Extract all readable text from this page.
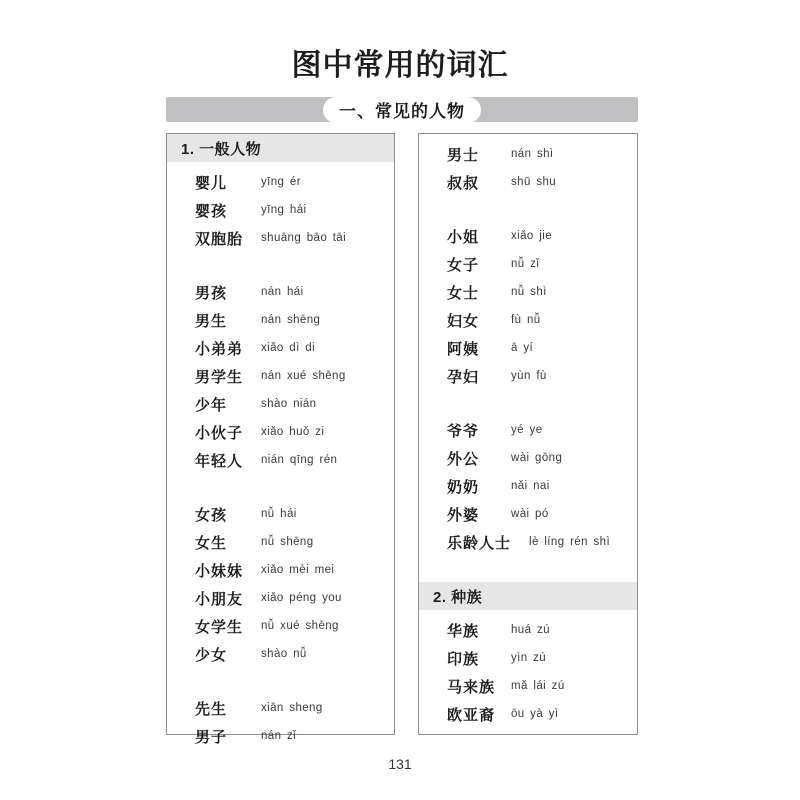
图中常用的词汇
一、常见的人物
1. 一般人物
婴儿	yīng ér
婴孩	yīng hái
双胞胎	shuāng bāo tāi
男孩	nán hái
男生	nán shēng
小弟弟	xiǎo dì di
男学生	nán xué shēng
少年	shào nián
小伙子	xiǎo huǒ zi
年轻人	nián qīng rén
女孩	nǚ hái
女生	nǚ shēng
小妹妹	xiǎo mèi mei
小朋友	xiǎo péng you
女学生	nǚ xué shēng
少女	shào nǚ
先生	xiān sheng
男子	nán zǐ
男士	nán shì
叔叔	shū shu
小姐	xiǎo jie
女子	nǚ zǐ
女士	nǚ shì
妇女	fù nǚ
阿姨	ā yí
孕妇	yùn fù
爷爷	yé ye
外公	wài gōng
奶奶	nǎi nai
外婆	wài pó
乐龄人士	lè líng rén shì
2. 种族
华族	huá zú
印族	yìn zú
马来族	mǎ lái zú
欧亚裔	ōu yà yì
131
